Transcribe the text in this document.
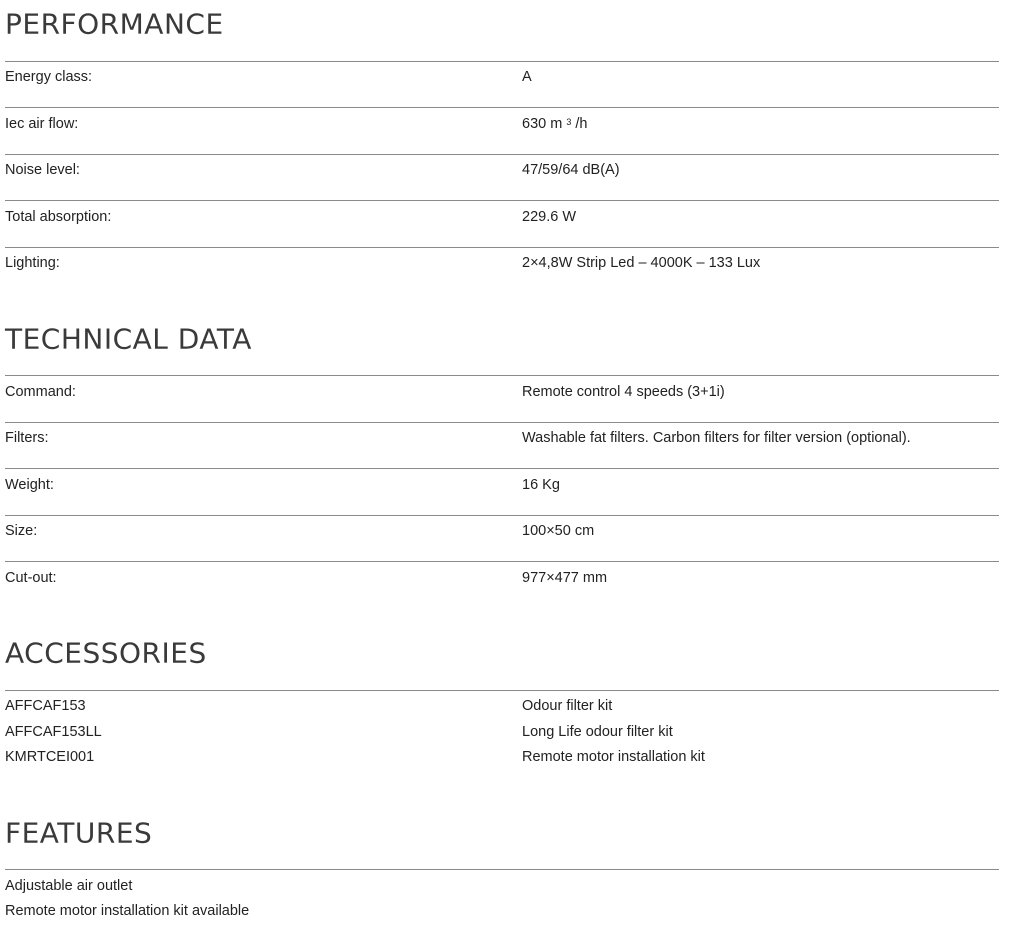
PERFORMANCE
Energy class:	A
Iec air flow:	630 m $^3$ /h
Noise level:	47/59/64 dB(A)
Total absorption:	229.6 W
Lighting:	2×4,8W Strip Led – 4000K – 133 Lux
TECHNICAL DATA
Command:	Remote control 4 speeds (3+1i)
Filters:	Washable fat filters. Carbon filters for filter version (optional).
Weight:	16 Kg
Size:	100×50 cm
Cut-out:	977×477 mm
ACCESSORIES
AFFCAF153	Odour filter kit
AFFCAF153LL	Long Life odour filter kit
KMRTCEI001	Remote motor installation kit
FEATURES
Adjustable air outlet
Remote motor installation kit available
